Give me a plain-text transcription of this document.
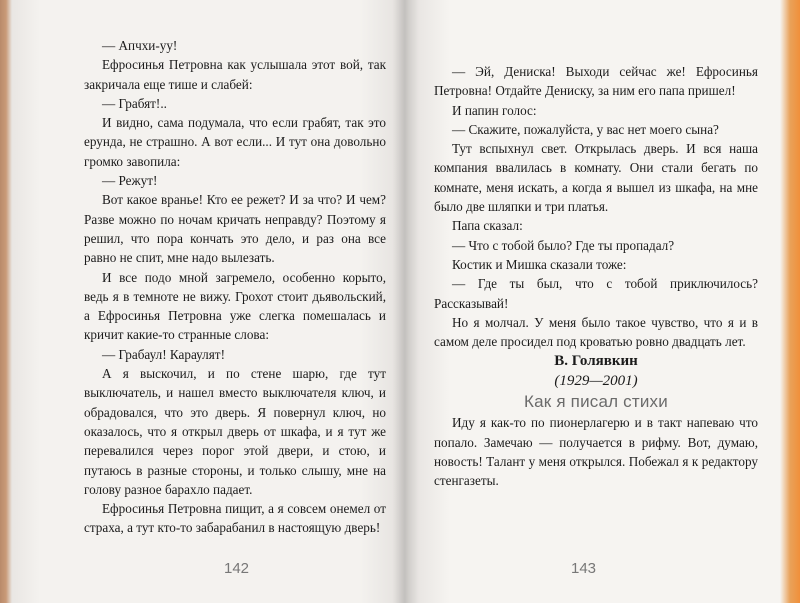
— Апчхи-уу!

Ефросинья Петровна как услышала этот вой, так закричала еще тише и слабей:

— Грабят!..

И видно, сама подумала, что если грабят, так это ерунда, не страшно. А вот если... И тут она довольно громко завопила:

— Режут!

Вот какое вранье! Кто ее режет? И за что? И чем? Разве можно по ночам кричать неправду? Поэтому я решил, что пора кончать это дело, и раз она все равно не спит, мне надо вылезать.

И все подо мной загремело, особенно корыто, ведь я в темноте не вижу. Грохот стоит дьявольский, а Ефросинья Петровна уже слегка помешалась и кричит какие-то странные слова:

— Грабаул! Караулят!

А я выскочил, и по стене шарю, где тут выключатель, и нашел вместо выключателя ключ, и обрадовался, что это дверь. Я повернул ключ, но оказалось, что я открыл дверь от шкафа, и я тут же перевалился через порог этой двери, и стою, и путаюсь в разные стороны, и только слышу, мне на голову разное барахло падает.

Ефросинья Петровна пищит, а я совсем онемел от страха, а тут кто-то забарабанил в настоящую дверь!

142

— Эй, Дениска! Выходи сейчас же! Ефросинья Петровна! Отдайте Дениску, за ним его папа пришел!

И папин голос:

— Скажите, пожалуйста, у вас нет моего сына?

Тут вспыхнул свет. Открылась дверь. И вся наша компания ввалилась в комнату. Они стали бегать по комнате, меня искать, а когда я вышел из шкафа, на мне было две шляпки и три платья.

Папа сказал:

— Что с тобой было? Где ты пропадал?

Костик и Мишка сказали тоже:

— Где ты был, что с тобой приключилось? Рассказывай!

Но я молчал. У меня было такое чувство, что я и в самом деле просидел под кроватью ровно двадцать лет.

В. Голявкин

(1929—2001)

Как я писал стихи

Иду я как-то по пионерлагерю и в такт напеваю что попало. Замечаю — получается в рифму. Вот, думаю, новость! Талант у меня открылся. Побежал я к редактору стенгазеты.

143
